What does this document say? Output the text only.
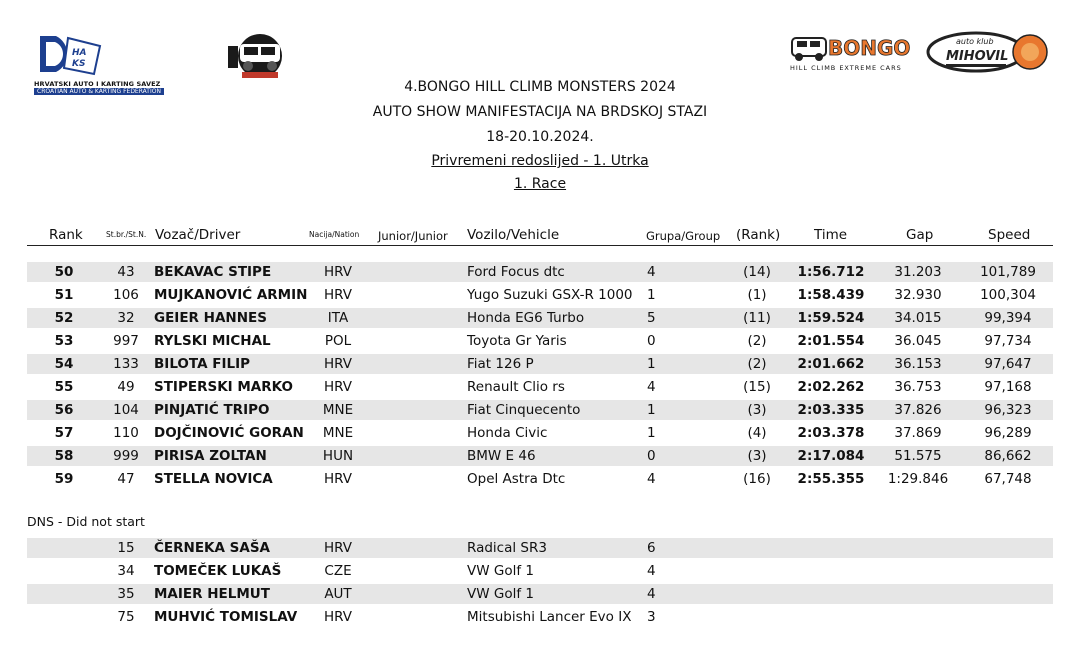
HA
KS
HRVATSKI AUTO I KARTING SAVEZ
CROATIAN AUTO & KARTING FEDERATION
BONGO
HILL CLIMB EXTREME CARS
auto klub
MIHOVIL
4.BONGO HILL CLIMB MONSTERS 2024
AUTO SHOW MANIFESTACIJA NA BRDSKOJ STAZI
18-20.10.2024.
Privremeni redoslijed - 1. Utrka
1. Race
Rank	St.br./St.N. Vozač/Driver	Nacija/Nation Junior/Junior Vozilo/Vehicle	Grupa/Group (Rank) Time	Gap	Speed
50	43	BEKAVAC STIPE	HRV	Ford Focus dtc	4	(14)	1:56.712	31.203	101,789
51	106	MUJKANOVIĆ ARMIN	HRV	Yugo Suzuki GSX-R 1000 1	(1)	1:58.439	32.930	100,304
52	32	GEIER HANNES	ITA	Honda EG6 Turbo	5	(11)	1:59.524	34.015	99,394
53	997	RYLSKI MICHAL	POL	Toyota Gr Yaris	0	(2)	2:01.554	36.045	97,734
54	133	BILOTA FILIP	HRV	Fiat 126 P	1	(2)	2:01.662	36.153	97,647
55	49	STIPERSKI MARKO	HRV	Renault Clio rs	4	(15)	2:02.262	36.753	97,168
56	104	PINJATIĆ TRIPO	MNE	Fiat Cinquecento	1	(3)	2:03.335	37.826	96,323
57	110	DOJČINOVIĆ GORAN	MNE	Honda Civic	1	(4)	2:03.378	37.869	96,289
58	999	PIRISA ZOLTAN	HUN	BMW E 46	0	(3)	2:17.084	51.575	86,662
59	47	STELLA NOVICA	HRV	Opel Astra Dtc	4	(16)	2:55.355	1:29.846	67,748
DNS - Did not start
15	ČERNEKA SAŠA	HRV	Radical SR3	6
34	TOMEČEK LUKAŠ	CZE	VW Golf 1	4
35	MAIER HELMUT	AUT	VW Golf 1	4
75	MUHVIĆ TOMISLAV	HRV	Mitsubishi Lancer Evo IX 3
